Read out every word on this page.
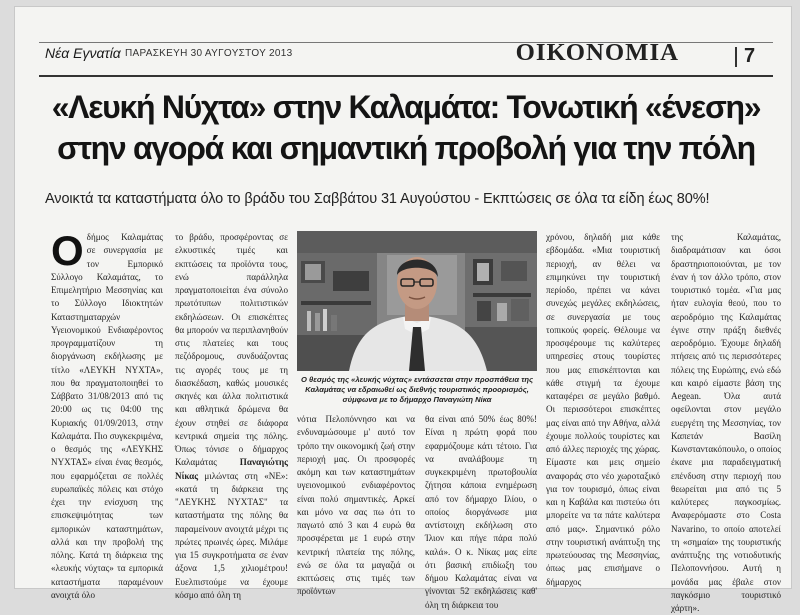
Νέα Εγνατία ΠΑΡΑΣΚΕΥΗ 30 ΑΥΓΟΥΣΤΟΥ 2013	ΟΙΚΟΝΟΜΙΑ	7
«Λευκή Νύχτα» στην Καλαμάτα: Τονωτική «ένεση»
στην αγορά και σημαντική προβολή για την πόλη
Ανοικτά τα καταστήματα όλο το βράδυ του Σαββάτου 31 Αυγούστου - Εκπτώσεις σε όλα τα είδη έως 80%!
Ο δήμος Καλαμάτας σε συνεργασία με τον Εμπορικό Σύλλογο Καλαμάτας, το Επιμελητήριο Μεσσηνίας και το Σύλλογο Ιδιοκτητών Καταστηματαρχών Υγειονομικού Ενδιαφέροντος προγραμματίζουν τη διοργάνωση εκδήλωσης με τίτλο «ΛΕΥΚΗ ΝΥΧΤΑ», που θα πραγματοποιηθεί το Σάββατο 31/08/2013 από τις 20:00 ως τις 04:00 της Κυριακής 01/09/2013, στην Καλαμάτα. Πιο συγκεκριμένα, ο θεσμός της «ΛΕΥΚΗΣ ΝΥΧΤΑΣ» είναι ένας θεσμός, που εφαρμόζεται σε πολλές ευρωπαϊκές πόλεις και στόχο έχει την ενίσχυση της επισκεψιμότητας των εμπορικών καταστημάτων, αλλά και την προβολή της πόλης. Κατά τη διάρκεια της «λευκής νύχτας» τα εμπορικά καταστήματα παραμένουν ανοιχτά όλο
το βράδυ, προσφέροντας σε ελκυστικές τιμές και εκπτώσεις τα προϊόντα τους, ενώ παράλληλα πραγματοποιείται ένα σύνολο πρωτότυπων πολιτιστικών εκδηλώσεων. Οι επισκέπτες θα μπορούν να περιπλανηθούν στις πλατείες και τους πεζόδρομους, συνδυάζοντας τις αγορές τους με τη διασκέδαση, καθώς μουσικές σκηνές και άλλα πολιτιστικά και αθλητικά δρώμενα θα έχουν στηθεί σε διάφορα κεντρικά σημεία της πόλης. Όπως τόνισε ο δήμαρχος Καλαμάτας Παναγιώτης Νίκας μιλώντας στη «ΝΕ»: «κατά τη διάρκεια της "ΛΕΥΚΗΣ ΝΥΧΤΑΣ" τα καταστήματα της πόλης θα παραμείνουν ανοιχτά μέχρι τις πρώτες πρωινές ώρες. Μιλάμε για 15 συγκροτήματα σε έναν άξονα 1,5 χιλιομέτρου! Ευελπιστούμε να έχουμε κόσμο από όλη τη
Ο θεσμός της «λευκής νύχτας» εντάσσεται στην προσπάθεια της Καλαμάτας να εδραιωθεί ως διεθνής τουριστικός προορισμός, σύμφωνα με το δήμαρχο Παναγιώτη Νίκα
νότια Πελοπόννησο και να ενδυναμώσουμε μ' αυτό τον τρόπο την οικονομική ζωή στην περιοχή μας. Οι προσφορές ακόμη και των καταστημάτων υγειονομικού ενδιαφέροντος είναι πολύ σημαντικές. Αρκεί και μόνο να σας πω ότι το παγωτό από 3 και 4 ευρώ θα προσφέρεται με 1 ευρώ στην κεντρική πλατεία της πόλης, ενώ σε όλα τα μαγαζιά οι εκπτώσεις στις τιμές των προϊόντων
θα είναι από 50% έως 80%! Είναι η πρώτη φορά που εφαρμόζουμε κάτι τέτοιο. Για να αναλάβουμε τη συγκεκριμένη πρωτοβουλία ζήτησα κάποια ενημέρωση από τον δήμαρχο Ιλίου, ο οποίος διοργάνωσε μια αντίστοιχη εκδήλωση στο Ίλιον και πήγε πάρα πολύ καλά». Ο κ. Νίκας μας είπε ότι βασική επιδίωξη του δήμου Καλαμάτας είναι να γίνονται 52 εκδηλώσεις καθ' όλη τη διάρκεια του
χρόνου, δηλαδή μια κάθε εβδομάδα. «Μια τουριστική περιοχή, αν θέλει να επιμηκύνει την τουριστική περίοδο, πρέπει να κάνει συνεχώς μεγάλες εκδηλώσεις, σε συνεργασία με τους τοπικούς φορείς. Θέλουμε να προσφέρουμε τις καλύτερες υπηρεσίες στους τουρίστες που μας επισκέπτονται και κάθε στιγμή τα έχουμε καταφέρει σε μεγάλο βαθμό. Οι περισσότεροι επισκέπτες μας είναι από την Αθήνα, αλλά έχουμε πολλούς τουρίστες και από άλλες περιοχές της χώρας. Είμαστε και μεις σημείο αναφοράς στο νέο χωροταξικό για τον τουρισμό, όπως είναι και η Καβάλα και πιστεύω ότι μπορείτε να τα πάτε καλύτερα από μας». Σημαντικό ρόλο στην τουριστική ανάπτυξη της πρωτεύουσας της Μεσσηνίας, όπως μας επισήμανε ο δήμαρχος
της Καλαμάτας, διαδραμάτισαν και όσοι δραστηριοποιούνται, με τον έναν ή τον άλλο τρόπο, στον τουριστικό τομέα. «Για μας ήταν ευλογία θεού, που το αεροδρόμιο της Καλαμάτας έγινε στην πράξη διεθνές αεροδρόμιο. Έχουμε δηλαδή πτήσεις από τις περισσότερες πόλεις της Ευρώπης, ενώ εδώ και καιρό είμαστε βάση της Aegean. Όλα αυτά οφείλονται στον μεγάλο ευεργέτη της Μεσσηνίας, τον Καπετάν Βασίλη Κωνσταντακόπουλο, ο οποίος έκανε μια παραδειγματική επένδυση στην περιοχή που θεωρείται μια από τις 5 καλύτερες παγκοσμίως. Αναφερόμαστε στο Costa Navarino, το οποίο αποτελεί τη «σημαία» της τουριστικής ανάπτυξης της νοτιοδυτικής Πελοποννήσου. Αυτή η μονάδα μας έβαλε στον παγκόσμιο τουριστικό χάρτη».
